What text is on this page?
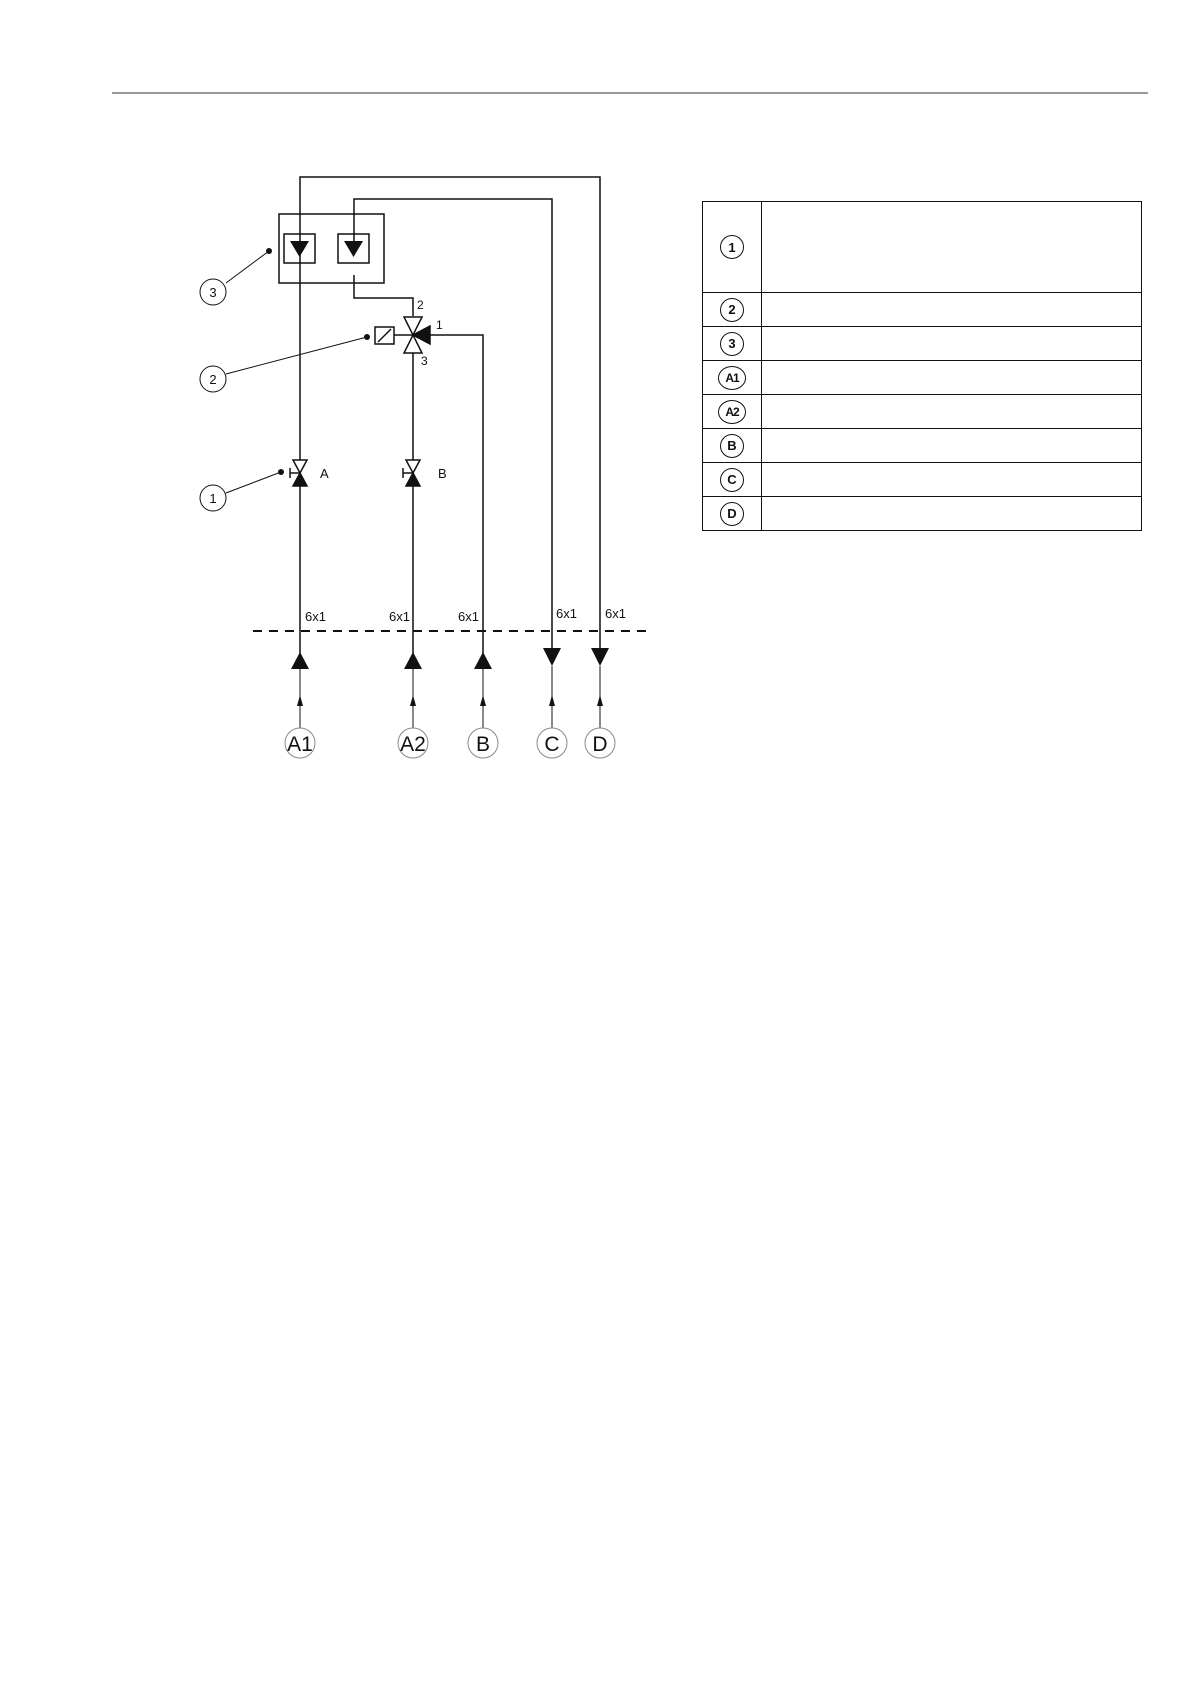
3
2
1
A	B
1
2
3
6x1	6x1	6x1	6x1 6x1
A1	A2 B	C D
1	
2	
3	
A1	
A2	
B	
C	
D	
